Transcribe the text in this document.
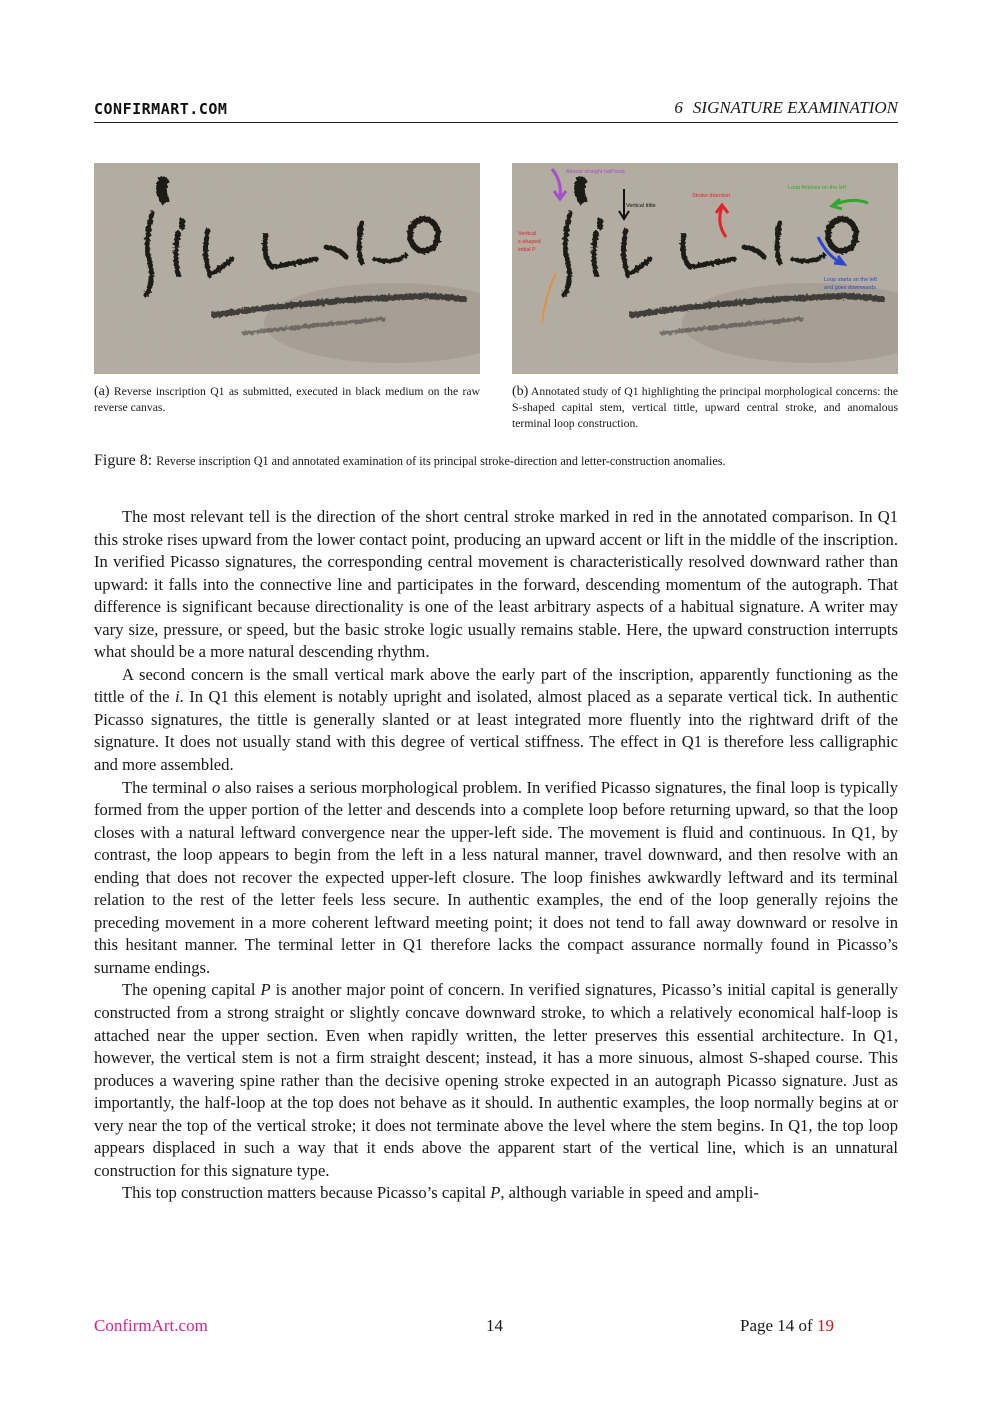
CONFIRMART.COM	6 SIGNATURE EXAMINATION
Almost straight half loop
Vertical tittle
Stroke direction
Loop finishes on the left
Vertical
s-shaped
initial P
Loop starts on the left
and goes downwards
(a) Reverse inscription Q1 as submitted, executed in black medium on the raw reverse canvas.
(b) Annotated study of Q1 highlighting the principal morphological concerns: the S-shaped capital stem, vertical tittle, upward central stroke, and anomalous terminal loop construction.
Figure 8: Reverse inscription Q1 and annotated examination of its principal stroke-direction and letter-construction anomalies.

The most relevant tell is the direction of the short central stroke marked in red in the annotated comparison. In Q1 this stroke rises upward from the lower contact point, producing an upward accent or lift in the middle of the inscription. In verified Picasso signatures, the corresponding central movement is characteristically resolved downward rather than upward: it falls into the connective line and participates in the forward, descending momentum of the autograph. That difference is significant because directionality is one of the least arbitrary aspects of a habitual signature. A writer may vary size, pressure, or speed, but the basic stroke logic usually remains stable. Here, the upward construction interrupts what should be a more natural descending rhythm.

A second concern is the small vertical mark above the early part of the inscription, apparently functioning as the tittle of the i. In Q1 this element is notably upright and isolated, almost placed as a separate vertical tick. In authentic Picasso signatures, the tittle is generally slanted or at least integrated more fluently into the rightward drift of the signature. It does not usually stand with this degree of vertical stiffness. The effect in Q1 is therefore less calligraphic and more assembled.

The terminal o also raises a serious morphological problem. In verified Picasso signatures, the final loop is typically formed from the upper portion of the letter and descends into a complete loop before returning upward, so that the loop closes with a natural leftward convergence near the upper-left side. The movement is fluid and continuous. In Q1, by contrast, the loop appears to begin from the left in a less natural manner, travel downward, and then resolve with an ending that does not recover the expected upper-left closure. The loop finishes awkwardly leftward and its terminal relation to the rest of the letter feels less secure. In authentic examples, the end of the loop generally rejoins the preceding movement in a more coherent leftward meeting point; it does not tend to fall away downward or resolve in this hesitant manner. The terminal letter in Q1 therefore lacks the compact assurance normally found in Picasso’s surname endings.

The opening capital P is another major point of concern. In verified signatures, Picasso’s initial capital is generally constructed from a strong straight or slightly concave downward stroke, to which a relatively economical half-loop is attached near the upper section. Even when rapidly written, the letter preserves this essential architecture. In Q1, however, the vertical stem is not a firm straight descent; instead, it has a more sinuous, almost S-shaped course. This produces a wavering spine rather than the decisive opening stroke expected in an autograph Picasso signature. Just as importantly, the half-loop at the top does not behave as it should. In authentic examples, the loop normally begins at or very near the top of the vertical stroke; it does not terminate above the level where the stem begins. In Q1, the top loop appears displaced in such a way that it ends above the apparent start of the vertical line, which is an unnatural construction for this signature type.

This top construction matters because Picasso’s capital P, although variable in speed and ampli-

ConfirmArt.com	14	Page 14 of 19
